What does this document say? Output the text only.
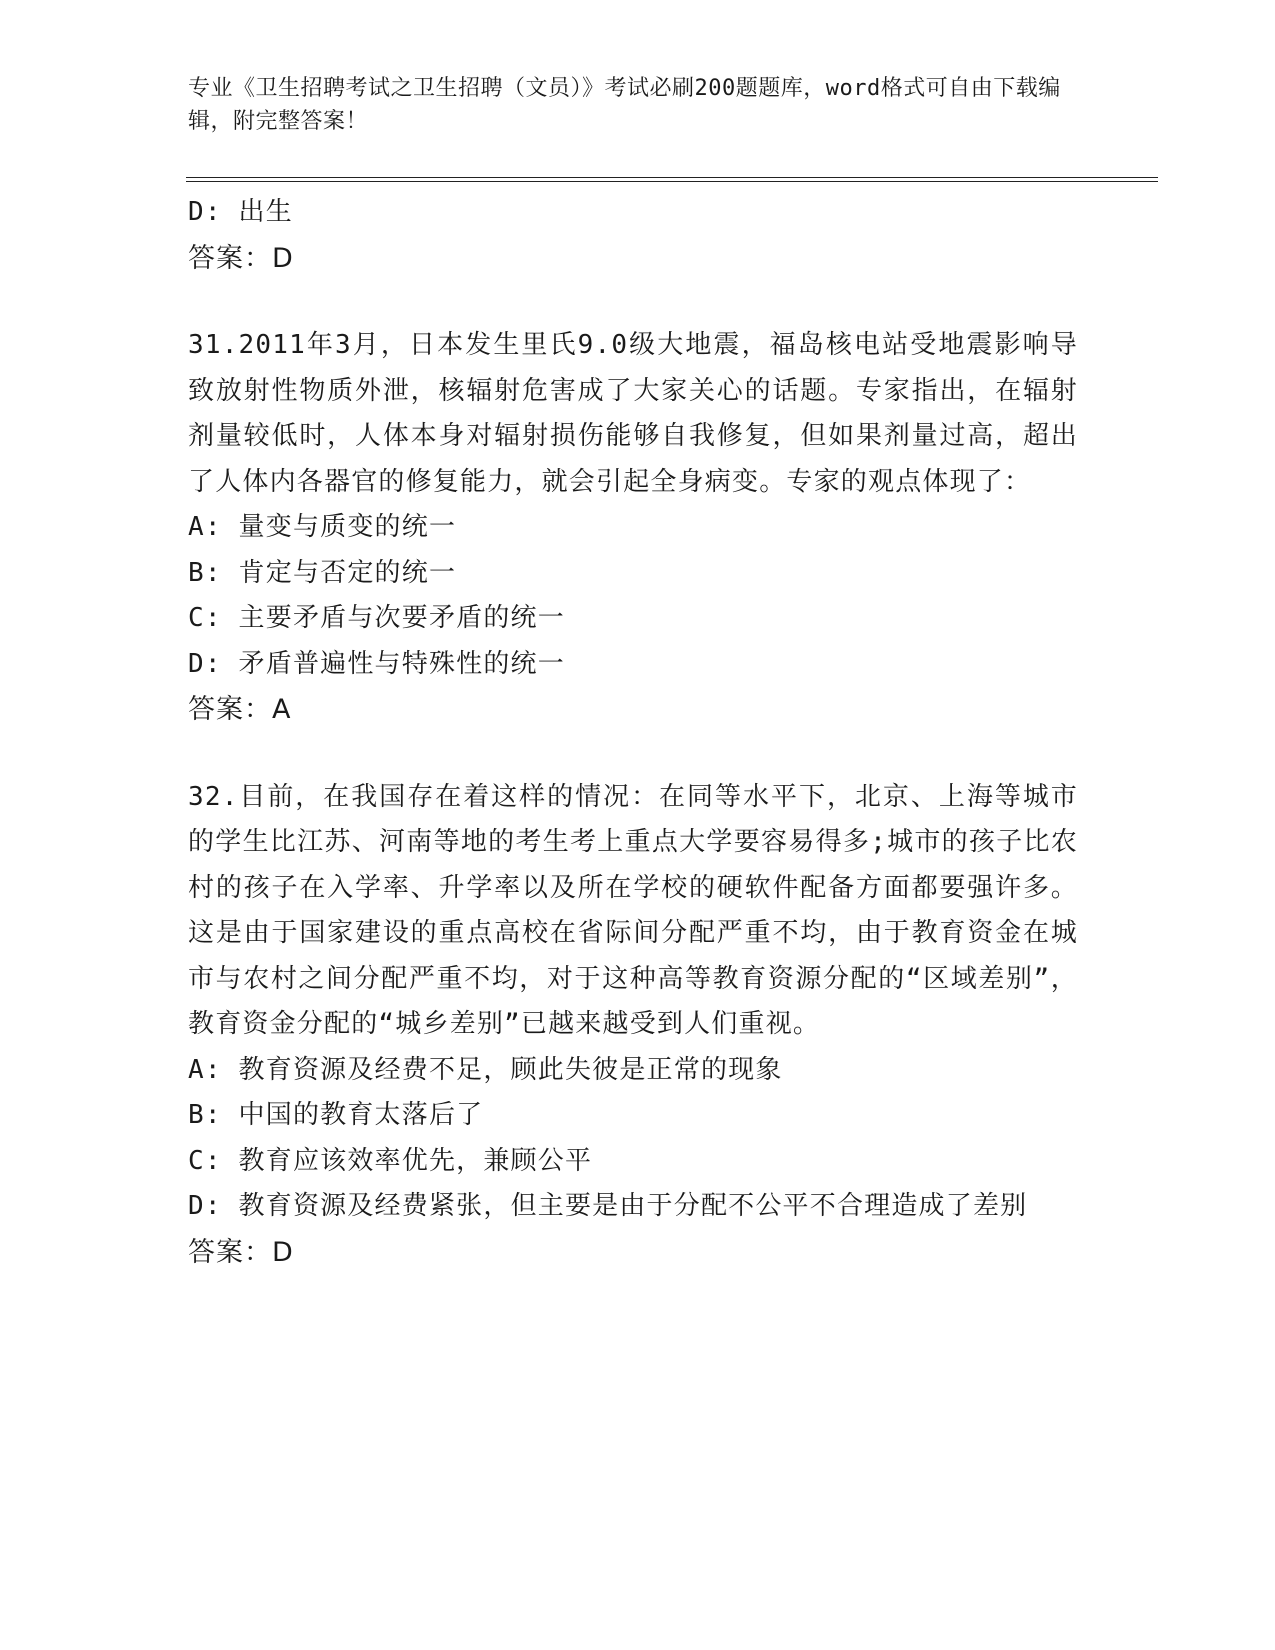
专业《卫生招聘考试之卫生招聘（文员）》考试必刷200题题库，word格式可自由下载编辑，附完整答案！
D: 出生
答案：D
31.2011年3月，日本发生里氏9.0级大地震，福岛核电站受地震影响导致放射性物质外泄，核辐射危害成了大家关心的话题。专家指出，在辐射剂量较低时，人体本身对辐射损伤能够自我修复，但如果剂量过高，超出了人体内各器官的修复能力，就会引起全身病变。专家的观点体现了：
A: 量变与质变的统一
B: 肯定与否定的统一
C: 主要矛盾与次要矛盾的统一
D: 矛盾普遍性与特殊性的统一
答案：A
32.目前，在我国存在着这样的情况：在同等水平下，北京、上海等城市的学生比江苏、河南等地的考生考上重点大学要容易得多;城市的孩子比农村的孩子在入学率、升学率以及所在学校的硬软件配备方面都要强许多。这是由于国家建设的重点高校在省际间分配严重不均，由于教育资金在城市与农村之间分配严重不均，对于这种高等教育资源分配的“区域差别”，教育资金分配的“城乡差别”已越来越受到人们重视。
A: 教育资源及经费不足，顾此失彼是正常的现象
B: 中国的教育太落后了
C: 教育应该效率优先，兼顾公平
D: 教育资源及经费紧张，但主要是由于分配不公平不合理造成了差别
答案：D
